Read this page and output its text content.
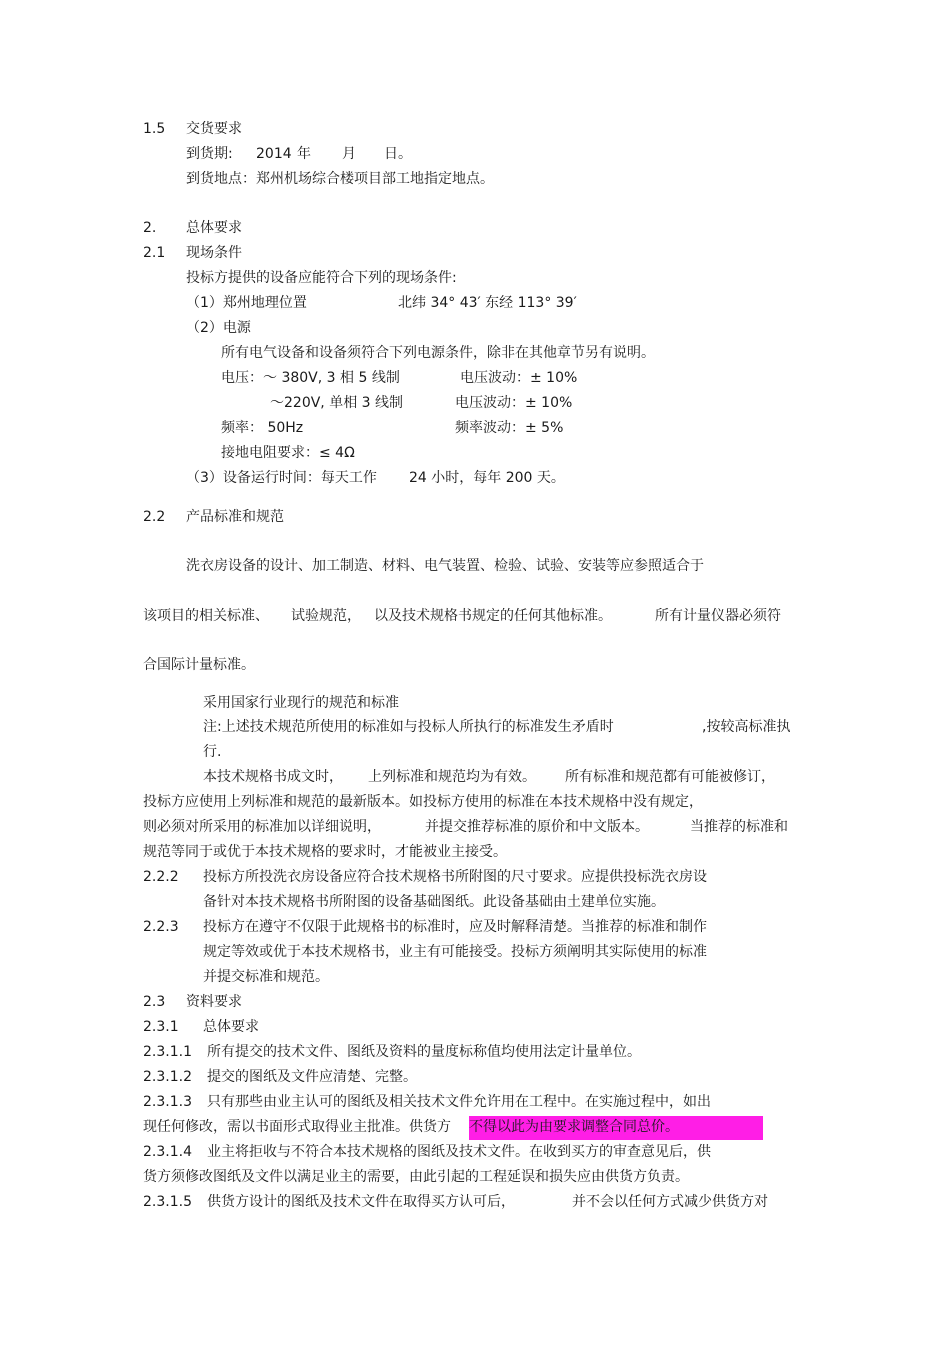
1.5 交货要求
到货期: 2014 年 月 日。
到货地点：郑州机场综合楼项目部工地指定地点。
2. 总体要求
2.1 现场条件
投标方提供的设备应能符合下列的现场条件:
（1）郑州地理位置	北纬 34° 43′ 东经 113° 39′
（2）电源
所有电气设备和设备须符合下列电源条件，除非在其他章节另有说明。
电压：～ 380V, 3 相 5 线制	电压波动：± 10%
～220V, 单相 3 线制	电压波动：± 10%
频率： 50Hz	频率波动：± 5%
接地电阻要求：≤ 4Ω
（3）设备运行时间：每天工作 24 小时，每年 200 天。
2.2 产品标准和规范
洗衣房设备的设计、加工制造、材料、电气装置、检验、试验、安装等应参照适合于
该项目的相关标准、 试验规范， 以及技术规格书规定的任何其他标准。	所有计量仪器必须符
合国际计量标准。
采用国家行业现行的规范和标准
注:上述技术规范所使用的标准如与投标人所执行的标准发生矛盾时	,按较高标准执
行.
本技术规格书成文时， 上列标准和规范均为有效。 所有标准和规范都有可能被修订，
投标方应使用上列标准和规范的最新版本。如投标方使用的标准在本技术规格中没有规定，
则必须对所采用的标准加以详细说明，	并提交推荐标准的原价和中文版本。	当推荐的标准和
规范等同于或优于本技术规格的要求时，才能被业主接受。
2.2.2 投标方所投洗衣房设备应符合技术规格书所附图的尺寸要求。应提供投标洗衣房设
备针对本技术规格书所附图的设备基础图纸。此设备基础由土建单位实施。
2.2.3 投标方在遵守不仅限于此规格书的标准时，应及时解释清楚。当推荐的标准和制作
规定等效或优于本技术规格书，业主有可能接受。投标方须阐明其实际使用的标准
并提交标准和规范。
2.3 资料要求
2.3.1 总体要求
2.3.1.1 所有提交的技术文件、图纸及资料的量度标称值均使用法定计量单位。
2.3.1.2 提交的图纸及文件应清楚、完整。
2.3.1.3 只有那些由业主认可的图纸及相关技术文件允许用在工程中。在实施过程中，如出
现任何修改，需以书面形式取得业主批准。供货方 不得以此为由要求调整合同总价。
2.3.1.4 业主将拒收与不符合本技术规格的图纸及技术文件。在收到买方的审查意见后，供
货方须修改图纸及文件以满足业主的需要，由此引起的工程延误和损失应由供货方负责。
2.3.1.5 供货方设计的图纸及技术文件在取得买方认可后，	并不会以任何方式减少供货方对
